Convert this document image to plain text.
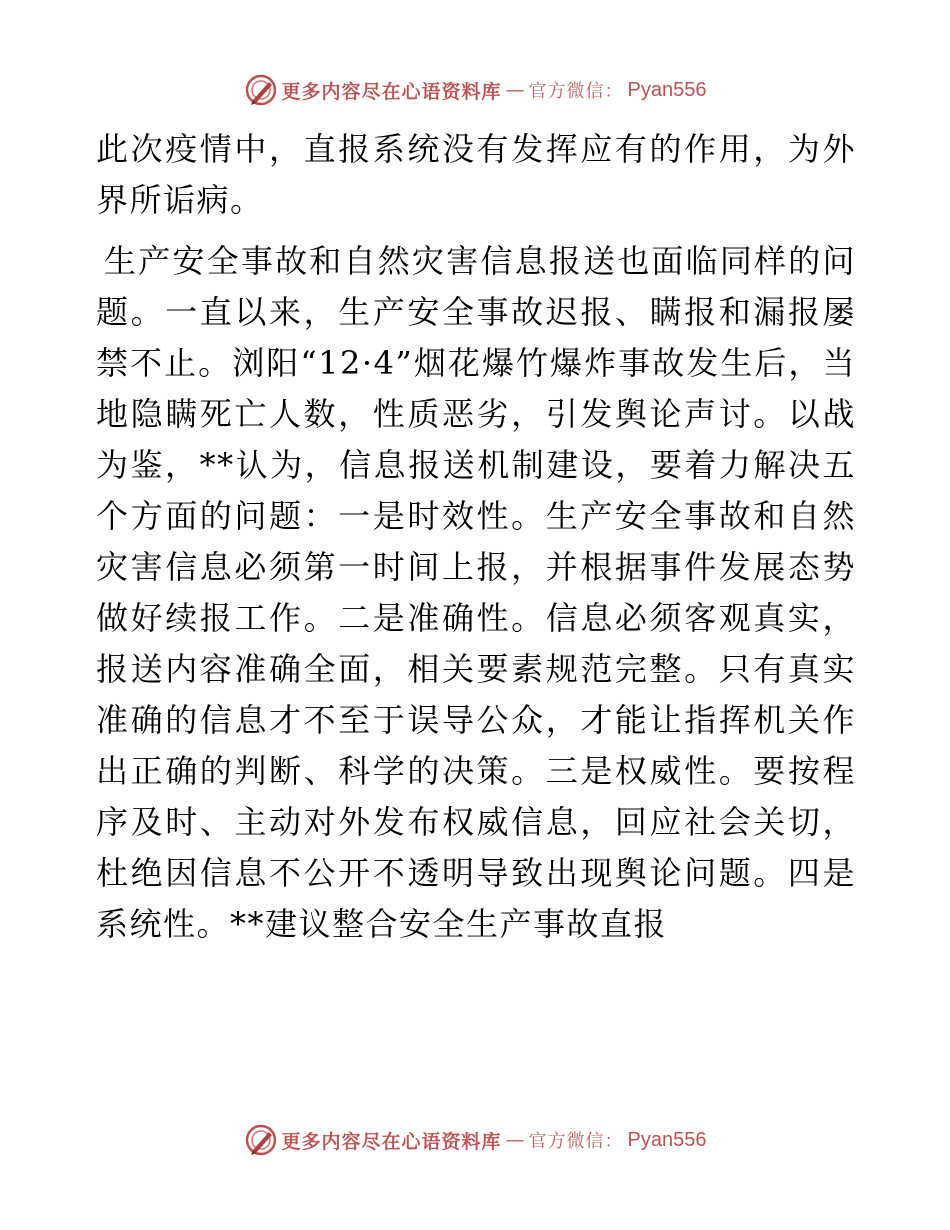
更多内容尽在心语资料库 — 官方微信： Pyan556

此次疫情中，直报系统没有发挥应有的作用，为外界所诟病。

生产安全事故和自然灾害信息报送也面临同样的问题。一直以来，生产安全事故迟报、瞒报和漏报屡禁不止。浏阳“12·4”烟花爆竹爆炸事故发生后，当地隐瞒死亡人数，性质恶劣，引发舆论声讨。以战为鉴，**认为，信息报送机制建设，要着力解决五个方面的问题：一是时效性。生产安全事故和自然灾害信息必须第一时间上报，并根据事件发展态势做好续报工作。二是准确性。信息必须客观真实，报送内容准确全面，相关要素规范完整。只有真实准确的信息才不至于误导公众，才能让指挥机关作出正确的判断、科学的决策。三是权威性。要按程序及时、主动对外发布权威信息，回应社会关切，杜绝因信息不公开不透明导致出现舆论问题。四是系统性。**建议整合安全生产事故直报

更多内容尽在心语资料库 — 官方微信： Pyan556
